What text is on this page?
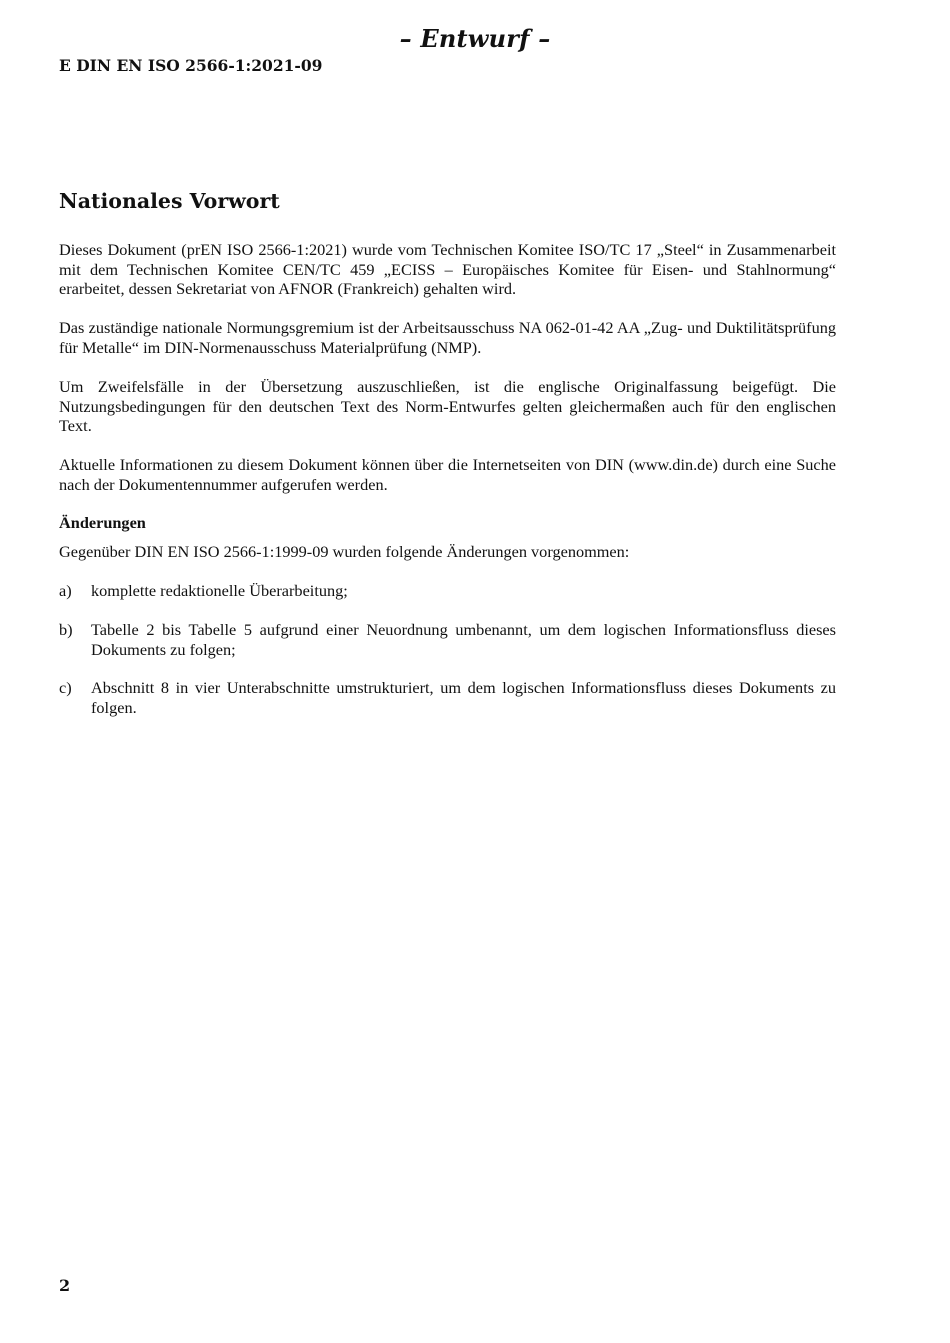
– Entwurf –
E DIN EN ISO 2566-1:2021-09
Nationales Vorwort
Dieses Dokument (prEN ISO 2566-1:2021) wurde vom Technischen Komitee ISO/TC 17 „Steel“ in Zusammenarbeit mit dem Technischen Komitee CEN/TC 459 „ECISS – Europäisches Komitee für Eisen- und Stahlnormung“ erarbeitet, dessen Sekretariat von AFNOR (Frankreich) gehalten wird.
Das zuständige nationale Normungsgremium ist der Arbeitsausschuss NA 062-01-42 AA „Zug- und Duktilitätsprüfung für Metalle“ im DIN-Normenausschuss Materialprüfung (NMP).
Um Zweifelsfälle in der Übersetzung auszuschließen, ist die englische Originalfassung beigefügt. Die Nutzungsbedingungen für den deutschen Text des Norm-Entwurfes gelten gleichermaßen auch für den englischen Text.
Aktuelle Informationen zu diesem Dokument können über die Internetseiten von DIN (www.din.de) durch eine Suche nach der Dokumentennummer aufgerufen werden.
Änderungen
Gegenüber DIN EN ISO 2566-1:1999-09 wurden folgende Änderungen vorgenommen:
a) komplette redaktionelle Überarbeitung;
b) Tabelle 2 bis Tabelle 5 aufgrund einer Neuordnung umbenannt, um dem logischen Informationsfluss dieses Dokuments zu folgen;
c) Abschnitt 8 in vier Unterabschnitte umstrukturiert, um dem logischen Informationsfluss dieses Dokuments zu folgen.
2
